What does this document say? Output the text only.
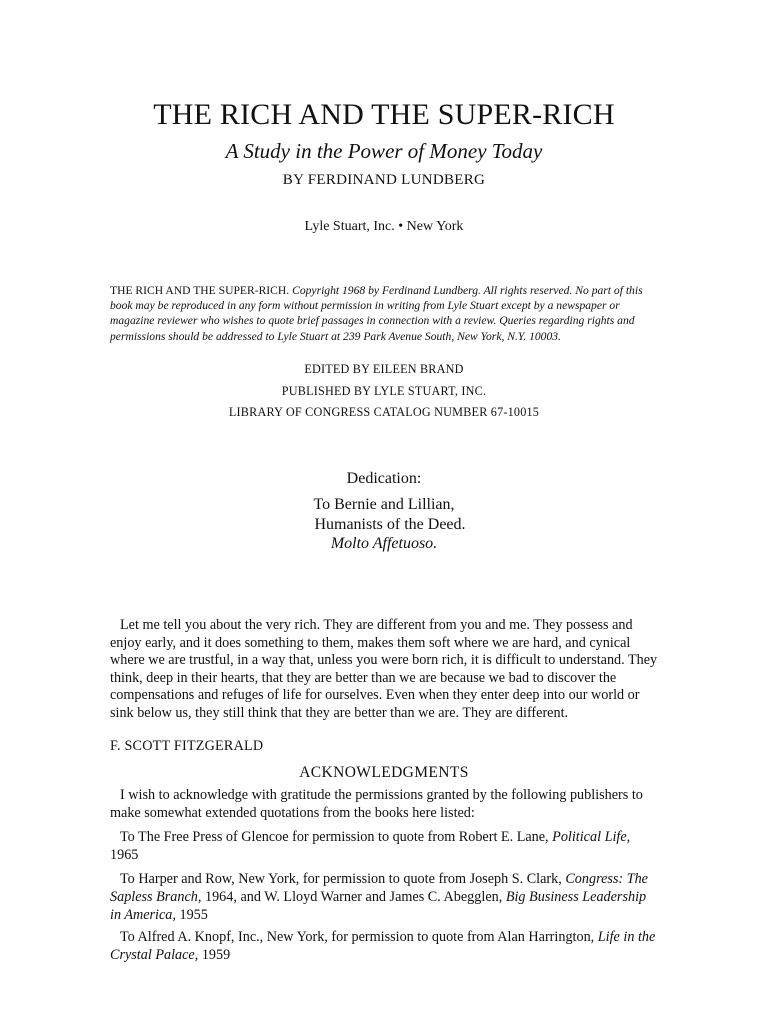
THE RICH AND THE SUPER-RICH
A Study in the Power of Money Today
BY FERDINAND LUNDBERG
Lyle Stuart, Inc. • New York
THE RICH AND THE SUPER-RICH. Copyright 1968 by Ferdinand Lundberg. All rights reserved. No part of this book may be reproduced in any form without permission in writing from Lyle Stuart except by a newspaper or magazine reviewer who wishes to quote brief passages in connection with a review. Queries regarding rights and permissions should be addressed to Lyle Stuart at 239 Park Avenue South, New York, N.Y. 10003.
EDITED BY EILEEN BRAND
PUBLISHED BY LYLE STUART, INC.
LIBRARY OF CONGRESS CATALOG NUMBER 67-10015
Dedication:
To Bernie and Lillian,
Humanists of the Deed.
Molto Affetuoso.
Let me tell you about the very rich. They are different from you and me. They possess and enjoy early, and it does something to them, makes them soft where we are hard, and cynical where we are trustful, in a way that, unless you were born rich, it is difficult to understand. They think, deep in their hearts, that they are better than we are because we bad to discover the compensations and refuges of life for ourselves. Even when they enter deep into our world or sink below us, they still think that they are better than we are. They are different.
F. SCOTT FITZGERALD
ACKNOWLEDGMENTS
I wish to acknowledge with gratitude the permissions granted by the following publishers to make somewhat extended quotations from the books here listed:
To The Free Press of Glencoe for permission to quote from Robert E. Lane, Political Life, 1965
To Harper and Row, New York, for permission to quote from Joseph S. Clark, Congress: The Sapless Branch, 1964, and W. Lloyd Warner and James C. Abegglen, Big Business Leadership in America, 1955
To Alfred A. Knopf, Inc., New York, for permission to quote from Alan Harrington, Life in the Crystal Palace, 1959
